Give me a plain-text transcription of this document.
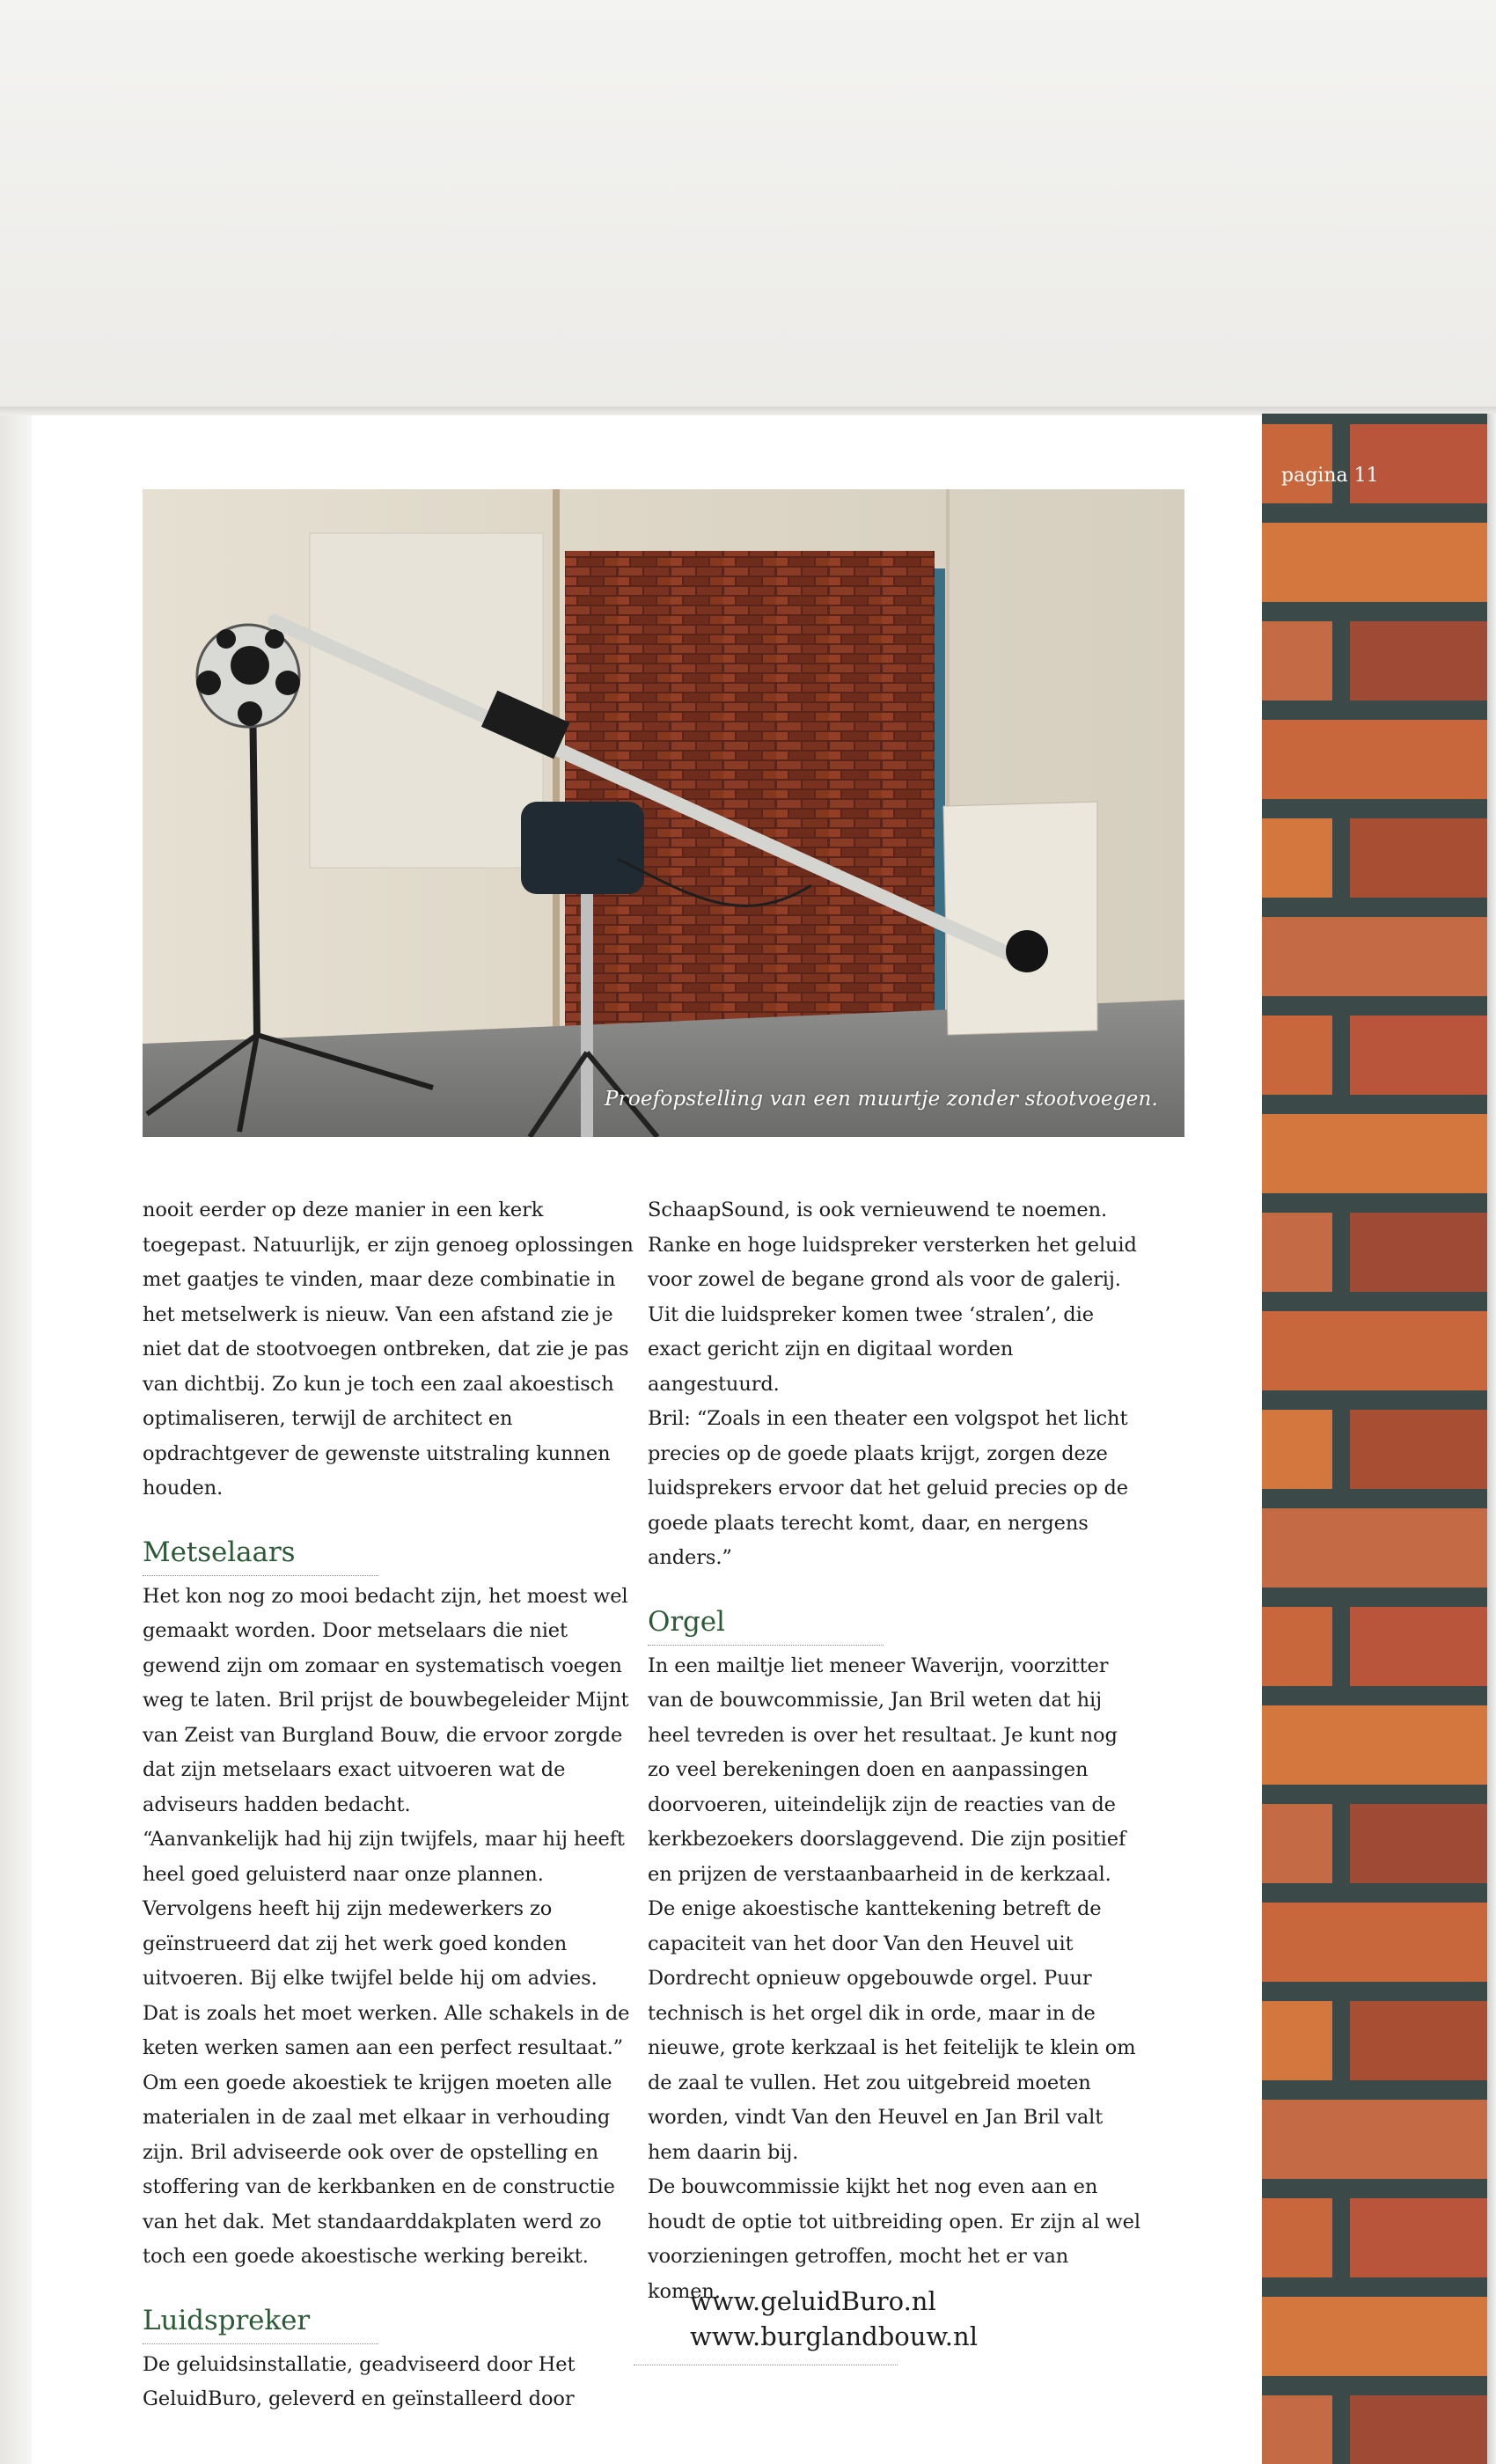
Proefopstelling van een muurtje zonder stootvoegen.

nooit eerder op deze manier in een kerk toegepast. Natuurlijk, er zijn genoeg oplossingen met gaatjes te vinden, maar deze combinatie in het metselwerk is nieuw. Van een afstand zie je niet dat de stootvoegen ontbreken, dat zie je pas van dichtbij. Zo kun je toch een zaal akoestisch optimaliseren, terwijl de architect en opdrachtgever de gewenste uitstraling kunnen houden.

Metselaars

Het kon nog zo mooi bedacht zijn, het moest wel gemaakt worden. Door metselaars die niet gewend zijn om zomaar en systematisch voegen weg te laten. Bril prijst de bouwbegeleider Mijnt van Zeist van Burgland Bouw, die ervoor zorgde dat zijn metselaars exact uitvoeren wat de adviseurs hadden bedacht.

“Aanvankelijk had hij zijn twijfels, maar hij heeft heel goed geluisterd naar onze plannen. Vervolgens heeft hij zijn medewerkers zo geïnstrueerd dat zij het werk goed konden uitvoeren. Bij elke twijfel belde hij om advies. Dat is zoals het moet werken. Alle schakels in de keten werken samen aan een perfect resultaat.”

Om een goede akoestiek te krijgen moeten alle materialen in de zaal met elkaar in verhouding zijn. Bril adviseerde ook over de opstelling en stoffering van de kerkbanken en de constructie van het dak. Met standaarddakplaten werd zo toch een goede akoestische werking bereikt.

Luidspreker

De geluidsinstallatie, geadviseerd door Het GeluidBuro, geleverd en geïnstalleerd door

SchaapSound, is ook vernieuwend te noemen. Ranke en hoge luidspreker versterken het geluid voor zowel de begane grond als voor de galerij. Uit die luidspreker komen twee ‘stralen’, die exact gericht zijn en digitaal worden aangestuurd.

Bril: “Zoals in een theater een volgspot het licht precies op de goede plaats krijgt, zorgen deze luidsprekers ervoor dat het geluid precies op de goede plaats terecht komt, daar, en nergens anders.”

Orgel

In een mailtje liet meneer Waverijn, voorzitter van de bouwcommissie, Jan Bril weten dat hij heel tevreden is over het resultaat. Je kunt nog zo veel berekeningen doen en aanpassingen doorvoeren, uiteindelijk zijn de reacties van de kerkbezoekers doorslaggevend. Die zijn positief en prijzen de verstaanbaarheid in de kerkzaal.

De enige akoestische kanttekening betreft de capaciteit van het door Van den Heuvel uit Dordrecht opnieuw opgebouwde orgel. Puur technisch is het orgel dik in orde, maar in de nieuwe, grote kerkzaal is het feitelijk te klein om de zaal te vullen. Het zou uitgebreid moeten worden, vindt Van den Heuvel en Jan Bril valt hem daarin bij.

De bouwcommissie kijkt het nog even aan en houdt de optie tot uitbreiding open. Er zijn al wel voorzieningen getroffen, mocht het er van komen.

www.geluidBuro.nl
www.burglandbouw.nl
pagina 11
